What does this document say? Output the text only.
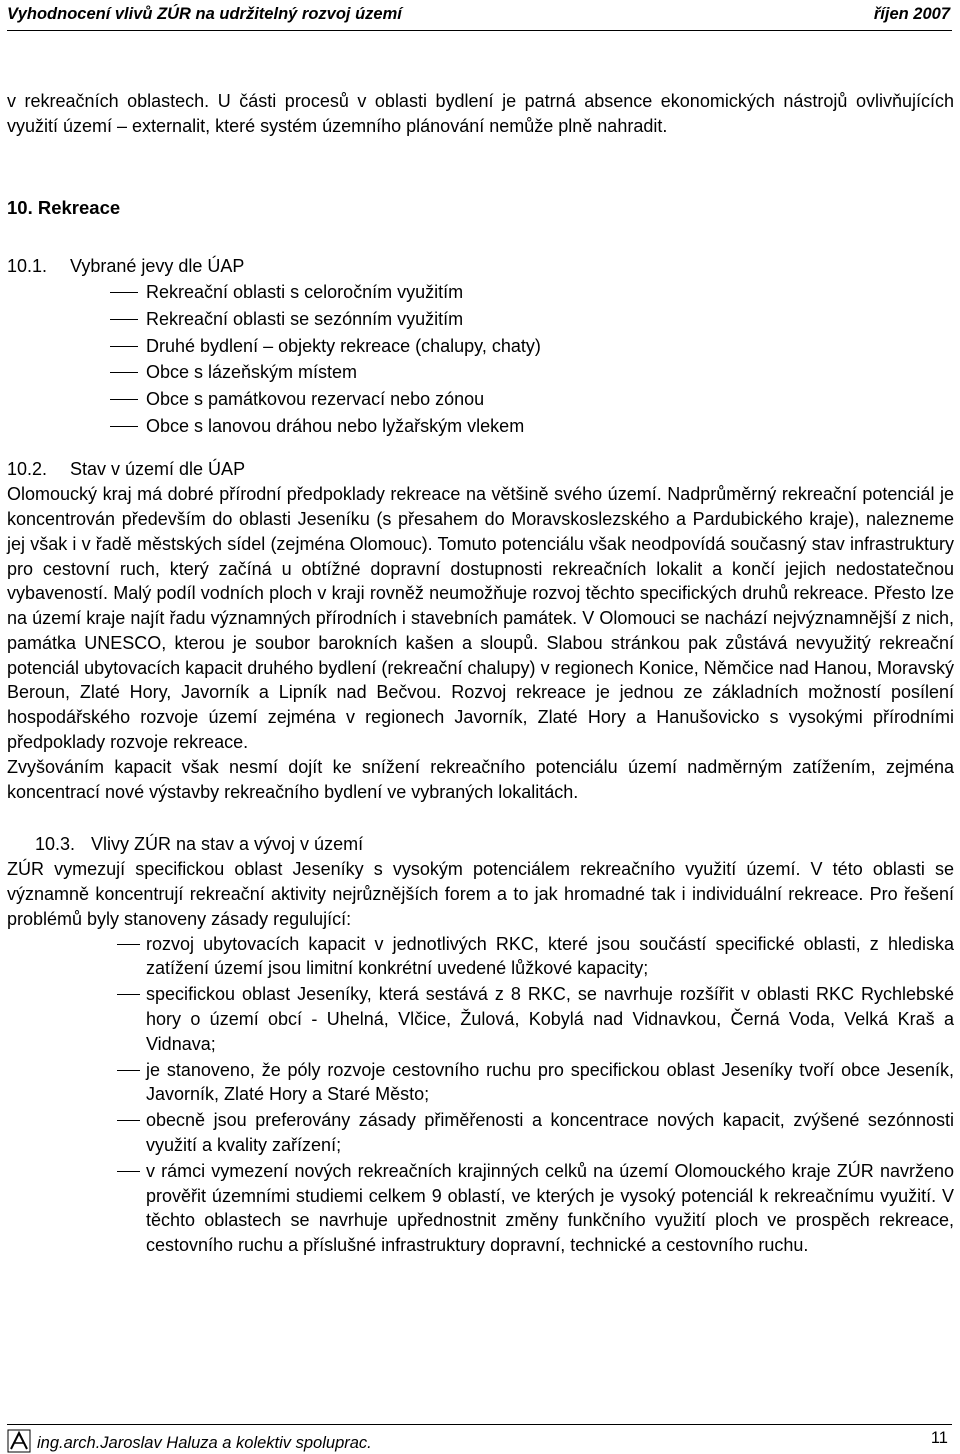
Vyhodnocení vlivů ZÚR na udržitelný rozvoj území	říjen 2007

v rekreačních oblastech. U části procesů v oblasti bydlení je patrná absence ekonomických nástrojů ovlivňujících využití území – externalit, které systém územního plánování nemůže plně nahradit.

10. Rekreace

10.1. Vybrané jevy dle ÚAP

Rekreační oblasti s celoročním využitím
Rekreační oblasti se sezónním využitím
Druhé bydlení – objekty rekreace (chalupy, chaty)
Obce s lázeňským místem
Obce s památkovou rezervací nebo zónou
Obce s lanovou dráhou nebo lyžařským vlekem

10.2. Stav v území dle ÚAP

Olomoucký kraj má dobré přírodní předpoklady rekreace na většině svého území. Nadprůměrný rekreační potenciál je koncentrován především do oblasti Jeseníku (s přesahem do Moravskoslezského a Pardubického kraje), nalezneme jej však i v řadě městských sídel (zejména Olomouc). Tomuto potenciálu však neodpovídá současný stav infrastruktury pro cestovní ruch, který začíná u obtížné dopravní dostupnosti rekreačních lokalit a končí jejich nedostatečnou vybaveností. Malý podíl vodních ploch v kraji rovněž neumožňuje rozvoj těchto specifických druhů rekreace. Přesto lze na území kraje najít řadu významných přírodních i stavebních památek. V Olomouci se nachází nejvýznamnější z nich, památka UNESCO, kterou je soubor barokních kašen a sloupů. Slabou stránkou pak zůstává nevyužitý rekreační potenciál ubytovacích kapacit druhého bydlení (rekreační chalupy) v regionech Konice, Němčice nad Hanou, Moravský Beroun, Zlaté Hory, Javorník a Lipník nad Bečvou. Rozvoj rekreace je jednou ze základních možností posílení hospodářského rozvoje území zejména v regionech Javorník, Zlaté Hory a Hanušovicko s vysokými přírodními předpoklady rozvoje rekreace.

Zvyšováním kapacit však nesmí dojít ke snížení rekreačního potenciálu území nadměrným zatížením, zejména koncentrací nové výstavby rekreačního bydlení ve vybraných lokalitách.

10.3. Vlivy ZÚR na stav a vývoj v území

ZÚR vymezují specifickou oblast Jeseníky s vysokým potenciálem rekreačního využití území. V této oblasti se významně koncentrují rekreační aktivity nejrůznějších forem a to jak hromadné tak i individuální rekreace. Pro řešení problémů byly stanoveny zásady regulující:

rozvoj ubytovacích kapacit v jednotlivých RKC, které jsou součástí specifické oblasti, z hlediska zatížení území jsou limitní konkrétní uvedené lůžkové kapacity;
specifickou oblast Jeseníky, která sestává z 8 RKC, se navrhuje rozšířit v oblasti RKC Rychlebské hory o území obcí - Uhelná, Vlčice, Žulová, Kobylá nad Vidnavkou, Černá Voda, Velká Kraš a Vidnava;
je stanoveno, že póly rozvoje cestovního ruchu pro specifickou oblast Jeseníky tvoří obce Jeseník, Javorník, Zlaté Hory a Staré Město;
obecně jsou preferovány zásady přiměřenosti a koncentrace nových kapacit, zvýšené sezónnosti využití a kvality zařízení;
v rámci vymezení nových rekreačních krajinných celků na území Olomouckého kraje ZÚR navrženo prověřit územními studiemi celkem 9 oblastí, ve kterých je vysoký potenciál k rekreačnímu využití. V těchto oblastech se navrhuje upřednostnit změny funkčního využití ploch ve prospěch rekreace, cestovního ruchu a příslušné infrastruktury dopravní, technické a cestovního ruchu.
ing.arch.Jaroslav Haluza a kolektiv spoluprac.	11
